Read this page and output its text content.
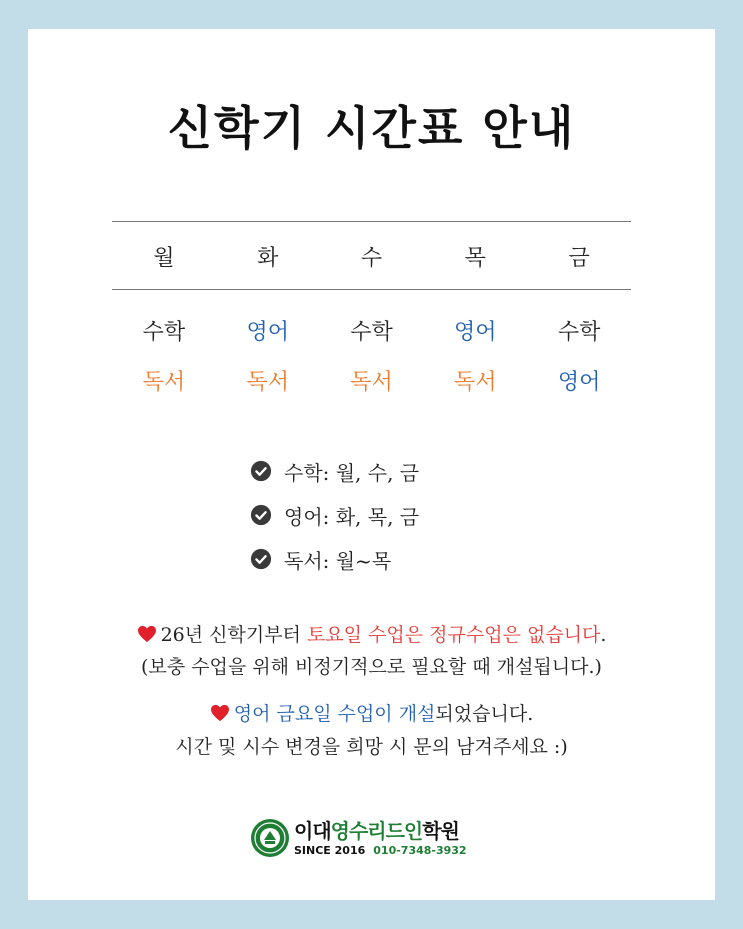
신학기 시간표 안내
월	화	수	목	금
수학	영어	수학	영어	수학
독서	독서	독서	독서	영어
수학: 월, 수, 금
영어: 화, 목, 금
독서: 월~목
26년 신학기부터 토요일 수업은 정규수업은 없습니다.
(보충 수업을 위해 비정기적으로 필요할 때 개설됩니다.)
영어 금요일 수업이 개설되었습니다.
시간 및 시수 변경을 희망 시 문의 남겨주세요 :)
이대영수리드인학원
SINCE 2016 010-7348-3932
